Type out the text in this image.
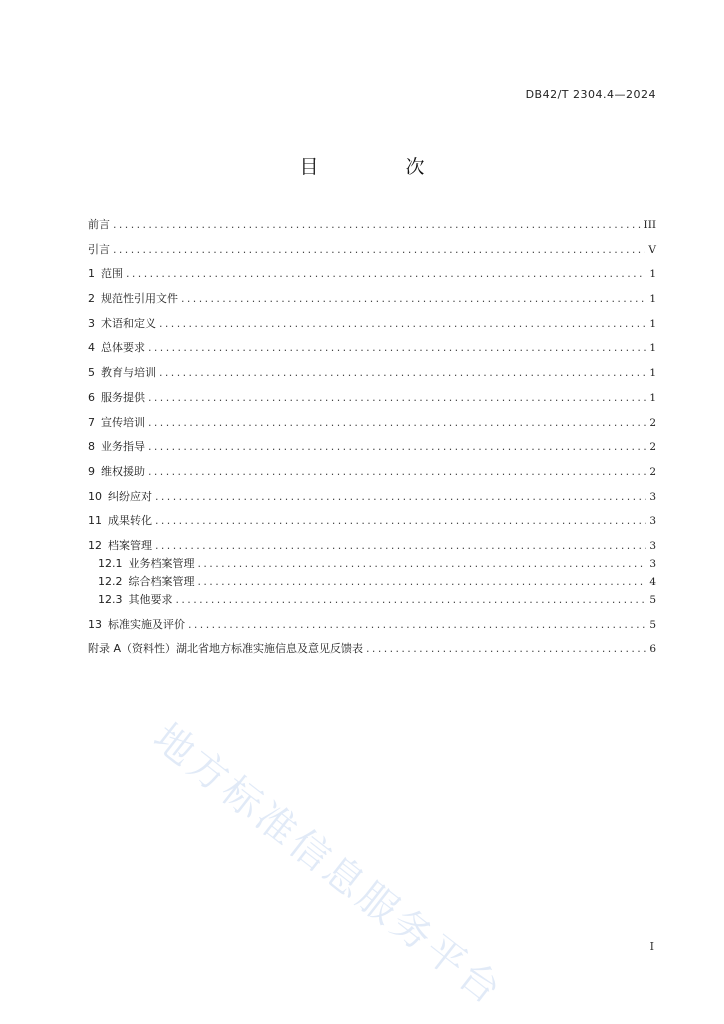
DB42/T 2304.4—2024
目　次
前言 .....	III
引言 .....	V
1 范围 .....	1
2 规范性引用文件 .....	1
3 术语和定义 .....	1
4 总体要求 .....	1
5 教育与培训 .....	1
6 服务提供 .....	1
7 宣传培训 .....	2
8 业务指导 .....	2
9 维权援助 .....	2
10 纠纷应对 .....	3
11 成果转化 .....	3
12 档案管理 .....	3
12.1 业务档案管理 .....	3
12.2 综合档案管理 .....	4
12.3 其他要求 .....	5
13 标准实施及评价 .....	5
附录 A（资料性）湖北省地方标准实施信息及意见反馈表 .....	6
地方标准信息服务平台	I
